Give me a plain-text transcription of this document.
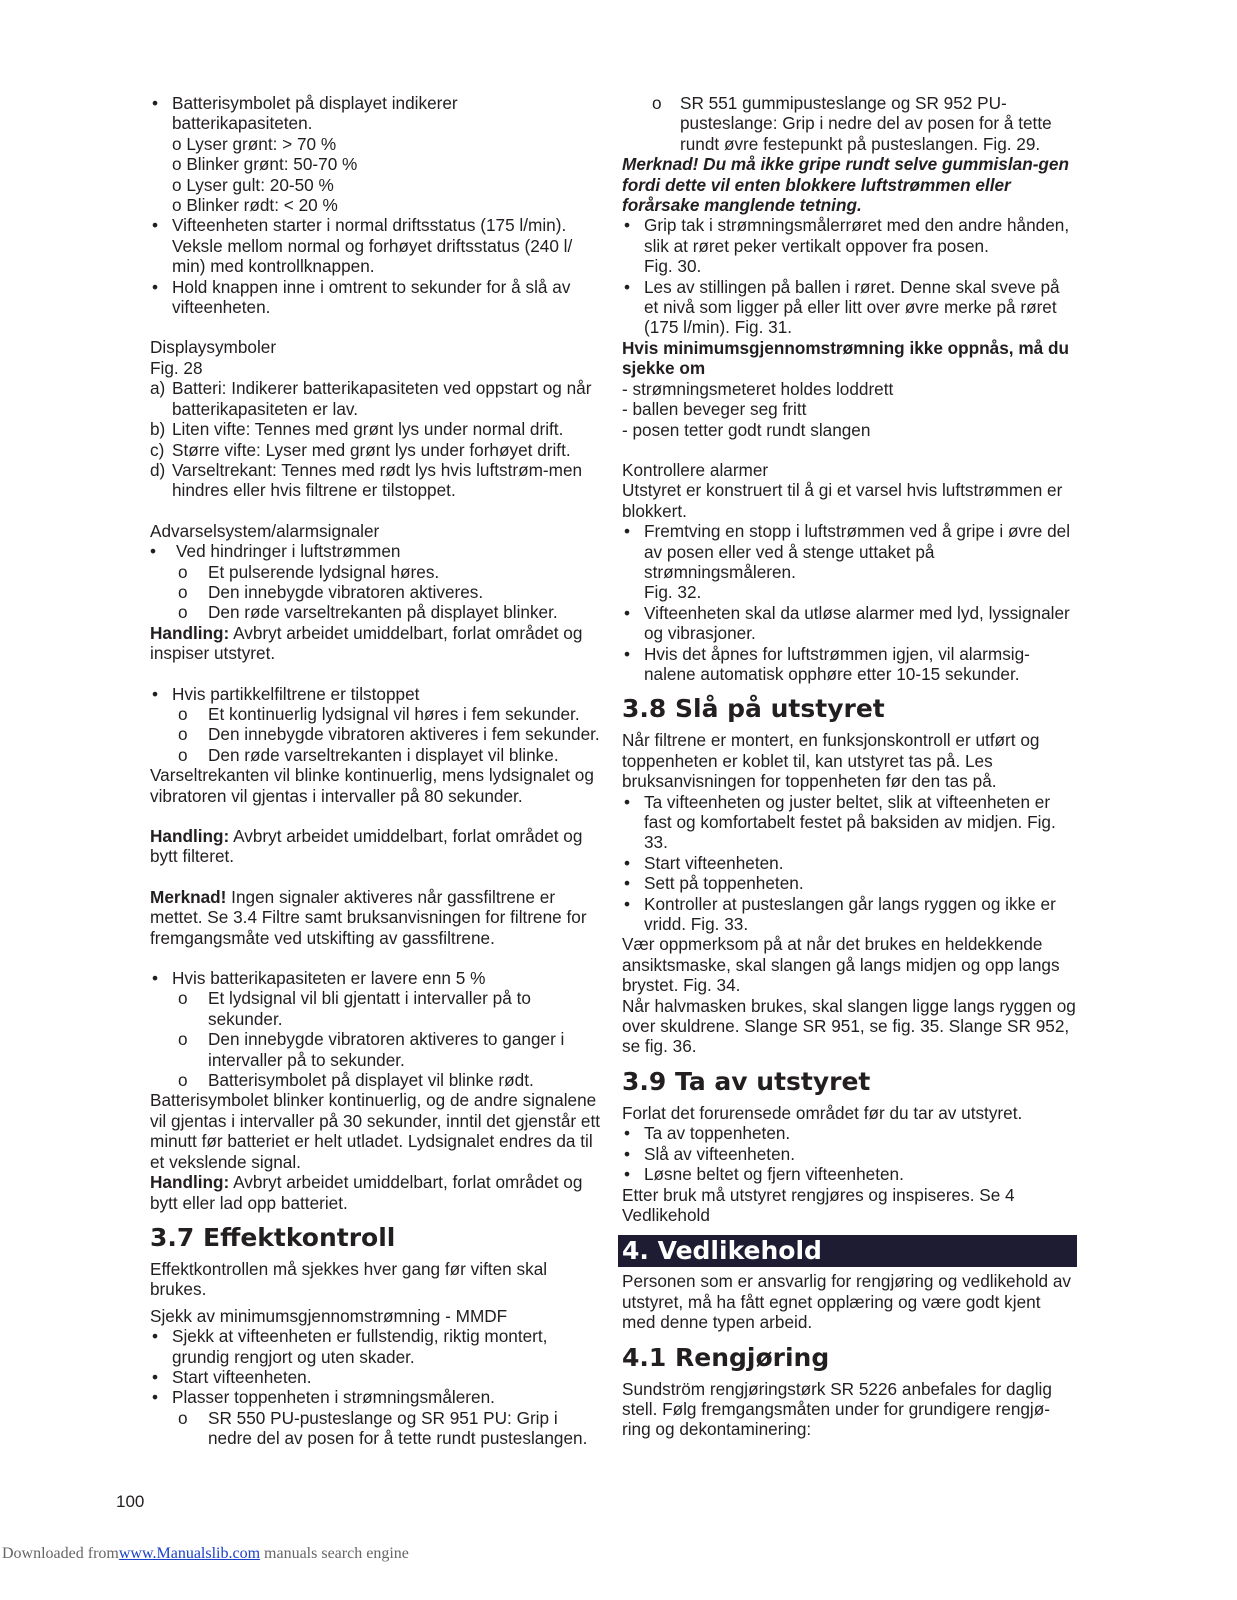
• Batterisymbolet på displayet indikerer

batterikapasiteten.

o Lyser grønt: > 70 %

o Blinker grønt: 50-70 %

o Lyser gult: 20-50 %

o Blinker rødt: < 20 %

• Vifteenheten starter i normal driftsstatus (175 l/min). Veksle mellom normal og forhøyet driftsstatus (240 l/ min) med kontrollknappen.

• Hold knappen inne i omtrent to sekunder for å slå av vifteenheten.

Displaysymboler

Fig. 28

a) Batteri: Indikerer batterikapasiteten ved oppstart og når batterikapasiteten er lav.
b) Liten vifte: Tennes med grønt lys under normal drift.
c) Større vifte: Lyser med grønt lys under forhøyet drift.
d) Varseltrekant: Tennes med rødt lys hvis luftstrøm-men hindres eller hvis filtrene er tilstoppet.

Advarselsystem/alarmsignaler

• Ved hindringer i luftstrømmen

o Et pulserende lydsignal høres.

o Den innebygde vibratoren aktiveres.

o Den røde varseltrekanten på displayet blinker.

Handling: Avbryt arbeidet umiddelbart, forlat området og inspiser utstyret.

• Hvis partikkelfiltrene er tilstoppet

o Et kontinuerlig lydsignal vil høres i fem sekunder.

o Den innebygde vibratoren aktiveres i fem sekunder.

o Den røde varseltrekanten i displayet vil blinke.

Varseltrekanten vil blinke kontinuerlig, mens lydsignalet og vibratoren vil gjentas i intervaller på 80 sekunder.

Handling: Avbryt arbeidet umiddelbart, forlat området og bytt filteret.

Merknad! Ingen signaler aktiveres når gassfiltrene er mettet. Se 3.4 Filtre samt bruksanvisningen for filtrene for fremgangsmåte ved utskifting av gassfiltrene.

• Hvis batterikapasiteten er lavere enn 5 %

o Et lydsignal vil bli gjentatt i intervaller på to sekunder.

o Den innebygde vibratoren aktiveres to ganger i intervaller på to sekunder.

o Batterisymbolet på displayet vil blinke rødt.

Batterisymbolet blinker kontinuerlig, og de andre signalene vil gjentas i intervaller på 30 sekunder, inntil det gjenstår ett minutt før batteriet er helt utladet. Lydsignalet endres da til et vekslende signal.

Handling: Avbryt arbeidet umiddelbart, forlat området og bytt eller lad opp batteriet.

3.7 Effektkontroll

Effektkontrollen må sjekkes hver gang før viften skal brukes.

Sjekk av minimumsgjennomstrømning - MMDF

• Sjekk at vifteenheten er fullstendig, riktig montert, grundig rengjort og uten skader.

• Start vifteenheten.

• Plasser toppenheten i strømningsmåleren.

o SR 550 PU-pusteslange og SR 951 PU: Grip i nedre del av posen for å tette rundt pusteslangen.

o SR 551 gummipusteslange og SR 952 PU-pusteslange: Grip i nedre del av posen for å tette rundt øvre festepunkt på pusteslangen. Fig. 29.

Merknad! Du må ikke gripe rundt selve gummislan-gen fordi dette vil enten blokkere luftstrømmen eller forårsake manglende tetning.

• Grip tak i strømningsmålerrøret med den andre hånden, slik at røret peker vertikalt oppover fra posen.

Fig. 30.

• Les av stillingen på ballen i røret. Denne skal sveve på et nivå som ligger på eller litt over øvre merke på røret (175 l/min). Fig. 31.

Hvis minimumsgjennomstrømning ikke oppnås, må du sjekke om

- strømningsmeteret holdes loddrett

- ballen beveger seg fritt

- posen tetter godt rundt slangen

Kontrollere alarmer

Utstyret er konstruert til å gi et varsel hvis luftstrømmen er blokkert.

• Fremtving en stopp i luftstrømmen ved å gripe i øvre del av posen eller ved å stenge uttaket på strømningsmåleren.

Fig. 32.

• Vifteenheten skal da utløse alarmer med lyd, lyssignaler og vibrasjoner.

• Hvis det åpnes for luftstrømmen igjen, vil alarmsig-nalene automatisk opphøre etter 10-15 sekunder.

3.8 Slå på utstyret

Når filtrene er montert, en funksjonskontroll er utført og toppenheten er koblet til, kan utstyret tas på. Les bruksanvisningen for toppenheten før den tas på.

• Ta vifteenheten og juster beltet, slik at vifteenheten er fast og komfortabelt festet på baksiden av midjen. Fig. 33.

• Start vifteenheten.

• Sett på toppenheten.

• Kontroller at pusteslangen går langs ryggen og ikke er vridd. Fig. 33.

Vær oppmerksom på at når det brukes en heldekkende ansiktsmaske, skal slangen gå langs midjen og opp langs brystet. Fig. 34.

Når halvmasken brukes, skal slangen ligge langs ryggen og over skuldrene. Slange SR 951, se fig. 35. Slange SR 952, se fig. 36.

3.9 Ta av utstyret

Forlat det forurensede området før du tar av utstyret.

• Ta av toppenheten.

• Slå av vifteenheten.

• Løsne beltet og fjern vifteenheten.

Etter bruk må utstyret rengjøres og inspiseres. Se 4 Vedlikehold

4. Vedlikehold

Personen som er ansvarlig for rengjøring og vedlikehold av utstyret, må ha fått egnet opplæring og være godt kjent med denne typen arbeid.

4.1 Rengjøring

Sundström rengjøringstørk SR 5226 anbefales for daglig stell. Følg fremgangsmåten under for grundigere rengjø-ring og dekontaminering:

100
Downloaded fromwww.Manualslib.com manuals search engine
